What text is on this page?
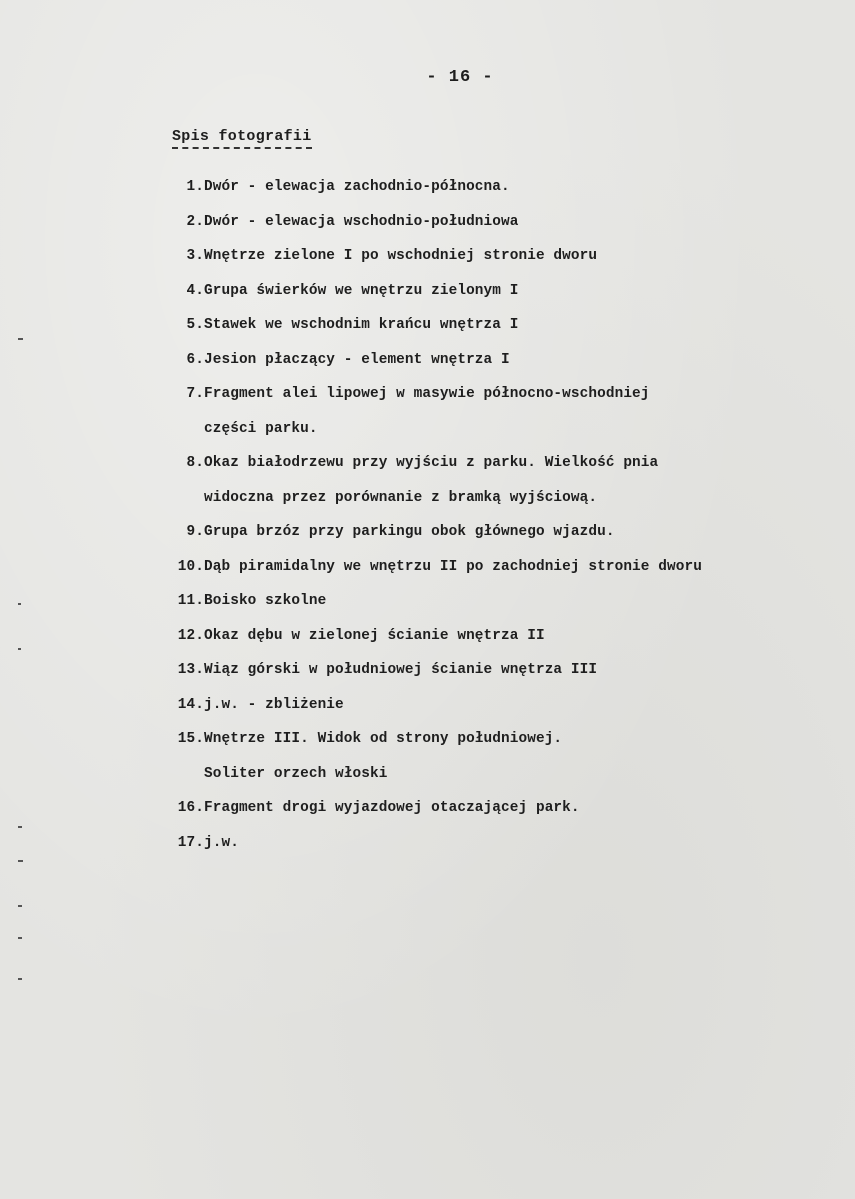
- 16 -
Spis fotografii
1. Dwór - elewacja zachodnio-północna.
2. Dwór - elewacja wschodnio-południowa
3. Wnętrze zielone I po wschodniej stronie dworu
4. Grupa świerków we wnętrzu zielonym I
5. Stawek we wschodnim krańcu wnętrza I
6. Jesion płaczący - element wnętrza I
7. Fragment alei lipowej w masywie północno-wschodniej
części parku.
8. Okaz białodrzewu przy wyjściu z parku. Wielkość pnia
widoczna przez porównanie z bramką wyjściową.
9. Grupa brzóz przy parkingu obok głównego wjazdu.
10. Dąb piramidalny we wnętrzu II po zachodniej stronie dworu
11. Boisko szkolne
12. Okaz dębu w zielonej ścianie wnętrza II
13. Wiąz górski w południowej ścianie wnętrza III
14. j.w. - zbliżenie
15. Wnętrze III. Widok od strony południowej.
Soliter orzech włoski
16. Fragment drogi wyjazdowej otaczającej park.
17. j.w.
